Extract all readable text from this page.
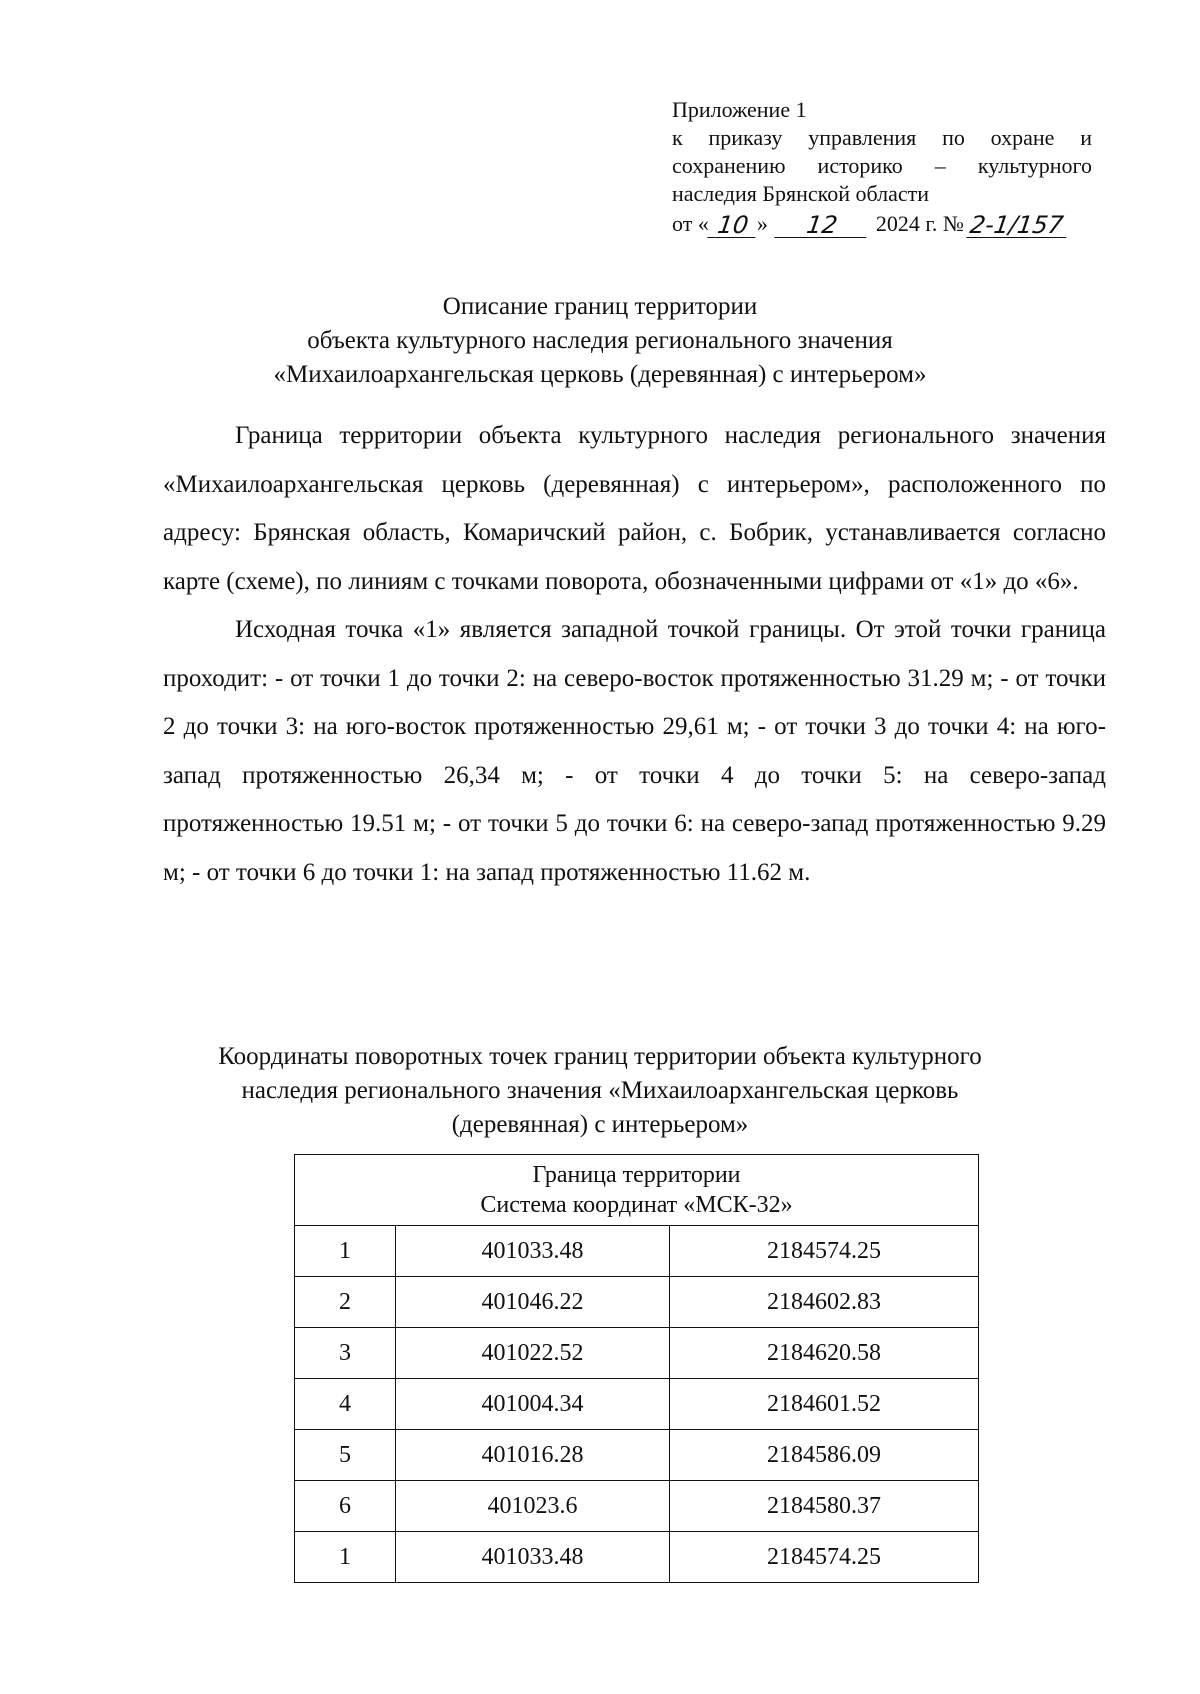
Приложение 1
к приказу управления по охране и
сохранению историко – культурного
наследия Брянской области
от « 10 »	12	2024 г. № 2-1/157
Описание границ территории
объекта культурного наследия регионального значения
«Михаилоархангельская церковь (деревянная) с интерьером»

Граница территории объекта культурного наследия регионального значения «Михаилоархангельская церковь (деревянная) с интерьером», расположенного по адресу: Брянская область, Комаричский район, с. Бобрик, устанавливается согласно карте (схеме), по линиям с точками поворота, обозначенными цифрами от «1» до «6».

Исходная точка «1» является западной точкой границы. От этой точки граница проходит: - от точки 1 до точки 2: на северо-восток протяженностью 31.29 м; - от точки 2 до точки 3: на юго-восток протяженностью 29,61 м; - от точки 3 до точки 4: на юго-запад протяженностью 26,34 м; - от точки 4 до точки 5: на северо-запад протяженностью 19.51 м; - от точки 5 до точки 6: на северо-запад протяженностью 9.29 м; - от точки 6 до точки 1: на запад протяженностью 11.62 м.

Координаты поворотных точек границ территории объекта культурного
наследия регионального значения «Михаилоархангельская церковь
(деревянная) с интерьером»
Граница территории
Система координат «МСК-32»		

1	401033.48	2184574.25
2	401046.22	2184602.83
3	401022.52	2184620.58
4	401004.34	2184601.52
5	401016.28	2184586.09
6	401023.6	2184580.37
1	401033.48	2184574.25
